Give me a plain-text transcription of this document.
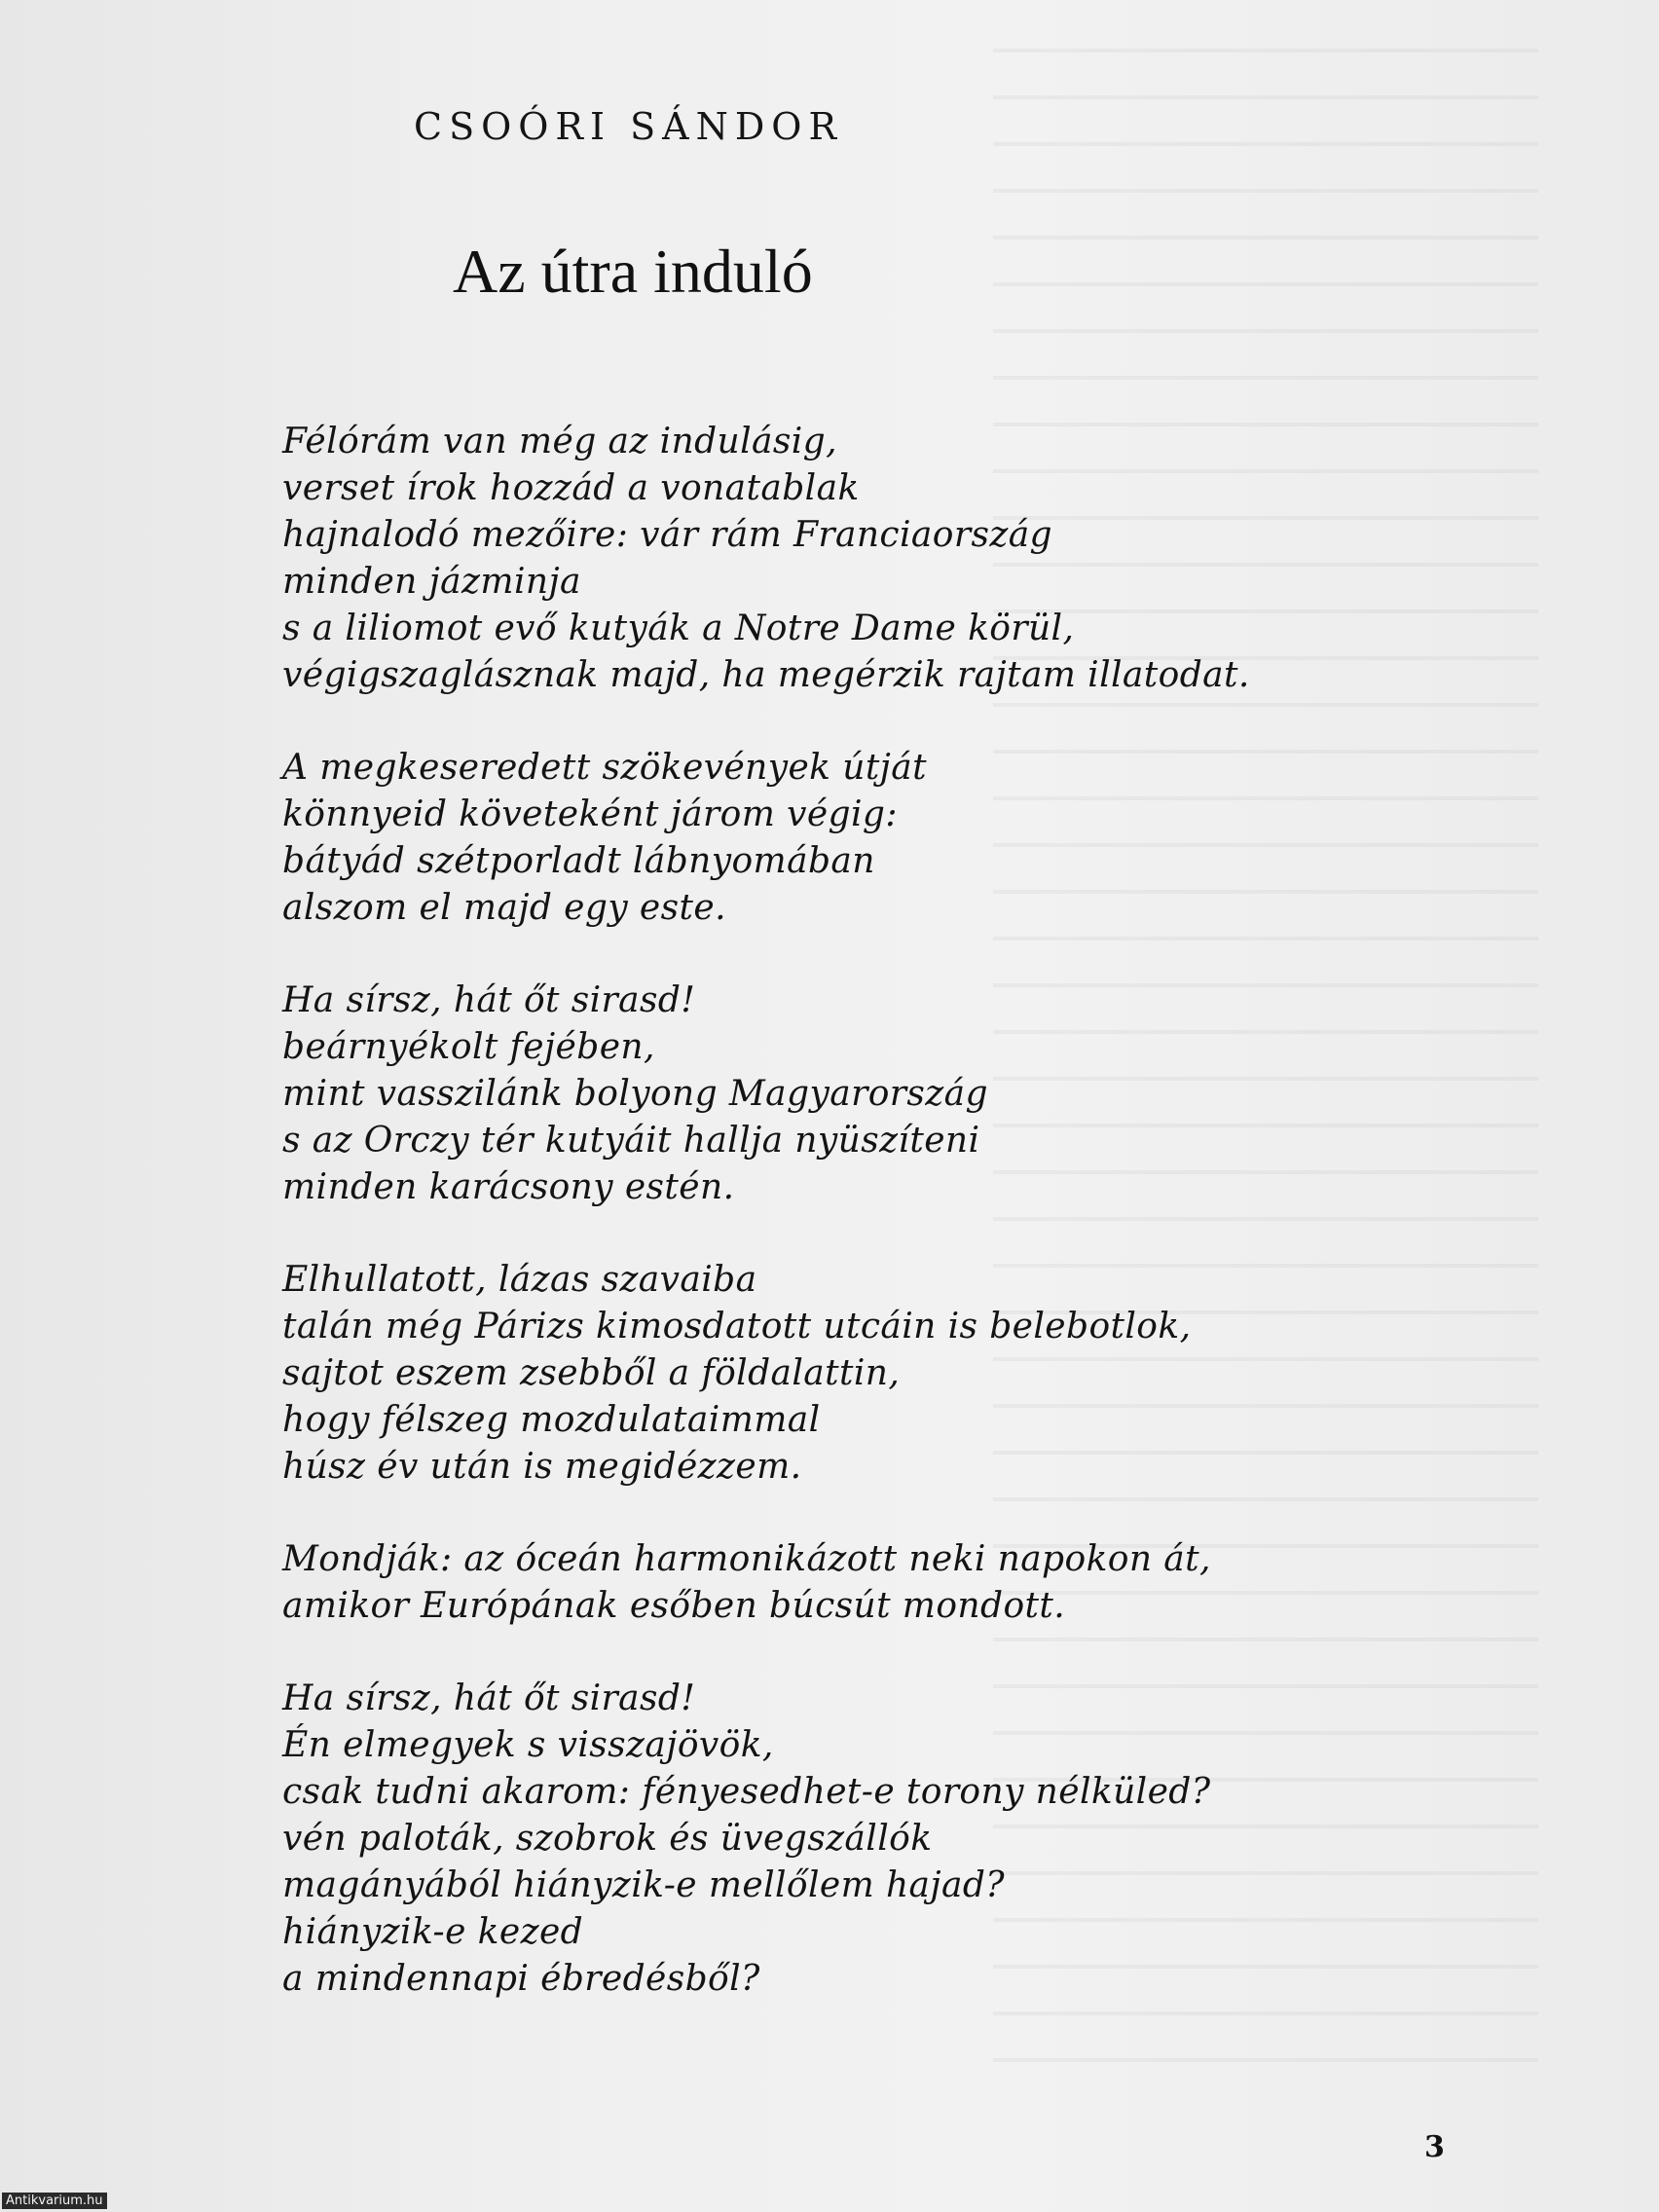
CSOÓRI SÁNDOR
Az útra induló
Félórám van még az indulásig,
verset írok hozzád a vonatablak
hajnalodó mezőire: vár rám Franciaország
minden jázminja
s a liliomot evő kutyák a Notre Dame körül,
végigszaglásznak majd, ha megérzik rajtam illatodat.
A megkeseredett szökevények útját
könnyeid követeként járom végig:
bátyád szétporladt lábnyomában
alszom el majd egy este.
Ha sírsz, hát őt sirasd!
beárnyékolt fejében,
mint vasszilánk bolyong Magyarország
s az Orczy tér kutyáit hallja nyüszíteni
minden karácsony estén.
Elhullatott, lázas szavaiba
talán még Párizs kimosdatott utcáin is belebotlok,
sajtot eszem zsebből a földalattin,
hogy félszeg mozdulataimmal
húsz év után is megidézzem.
Mondják: az óceán harmonikázott neki napokon át,
amikor Európának esőben búcsút mondott.
Ha sírsz, hát őt sirasd!
Én elmegyek s visszajövök,
csak tudni akarom: fényesedhet-e torony nélküled?
vén paloták, szobrok és üvegszállók
magányából hiányzik-e mellőlem hajad?
hiányzik-e kezed
a mindennapi ébredésből?
3
Antikvarium.hu
